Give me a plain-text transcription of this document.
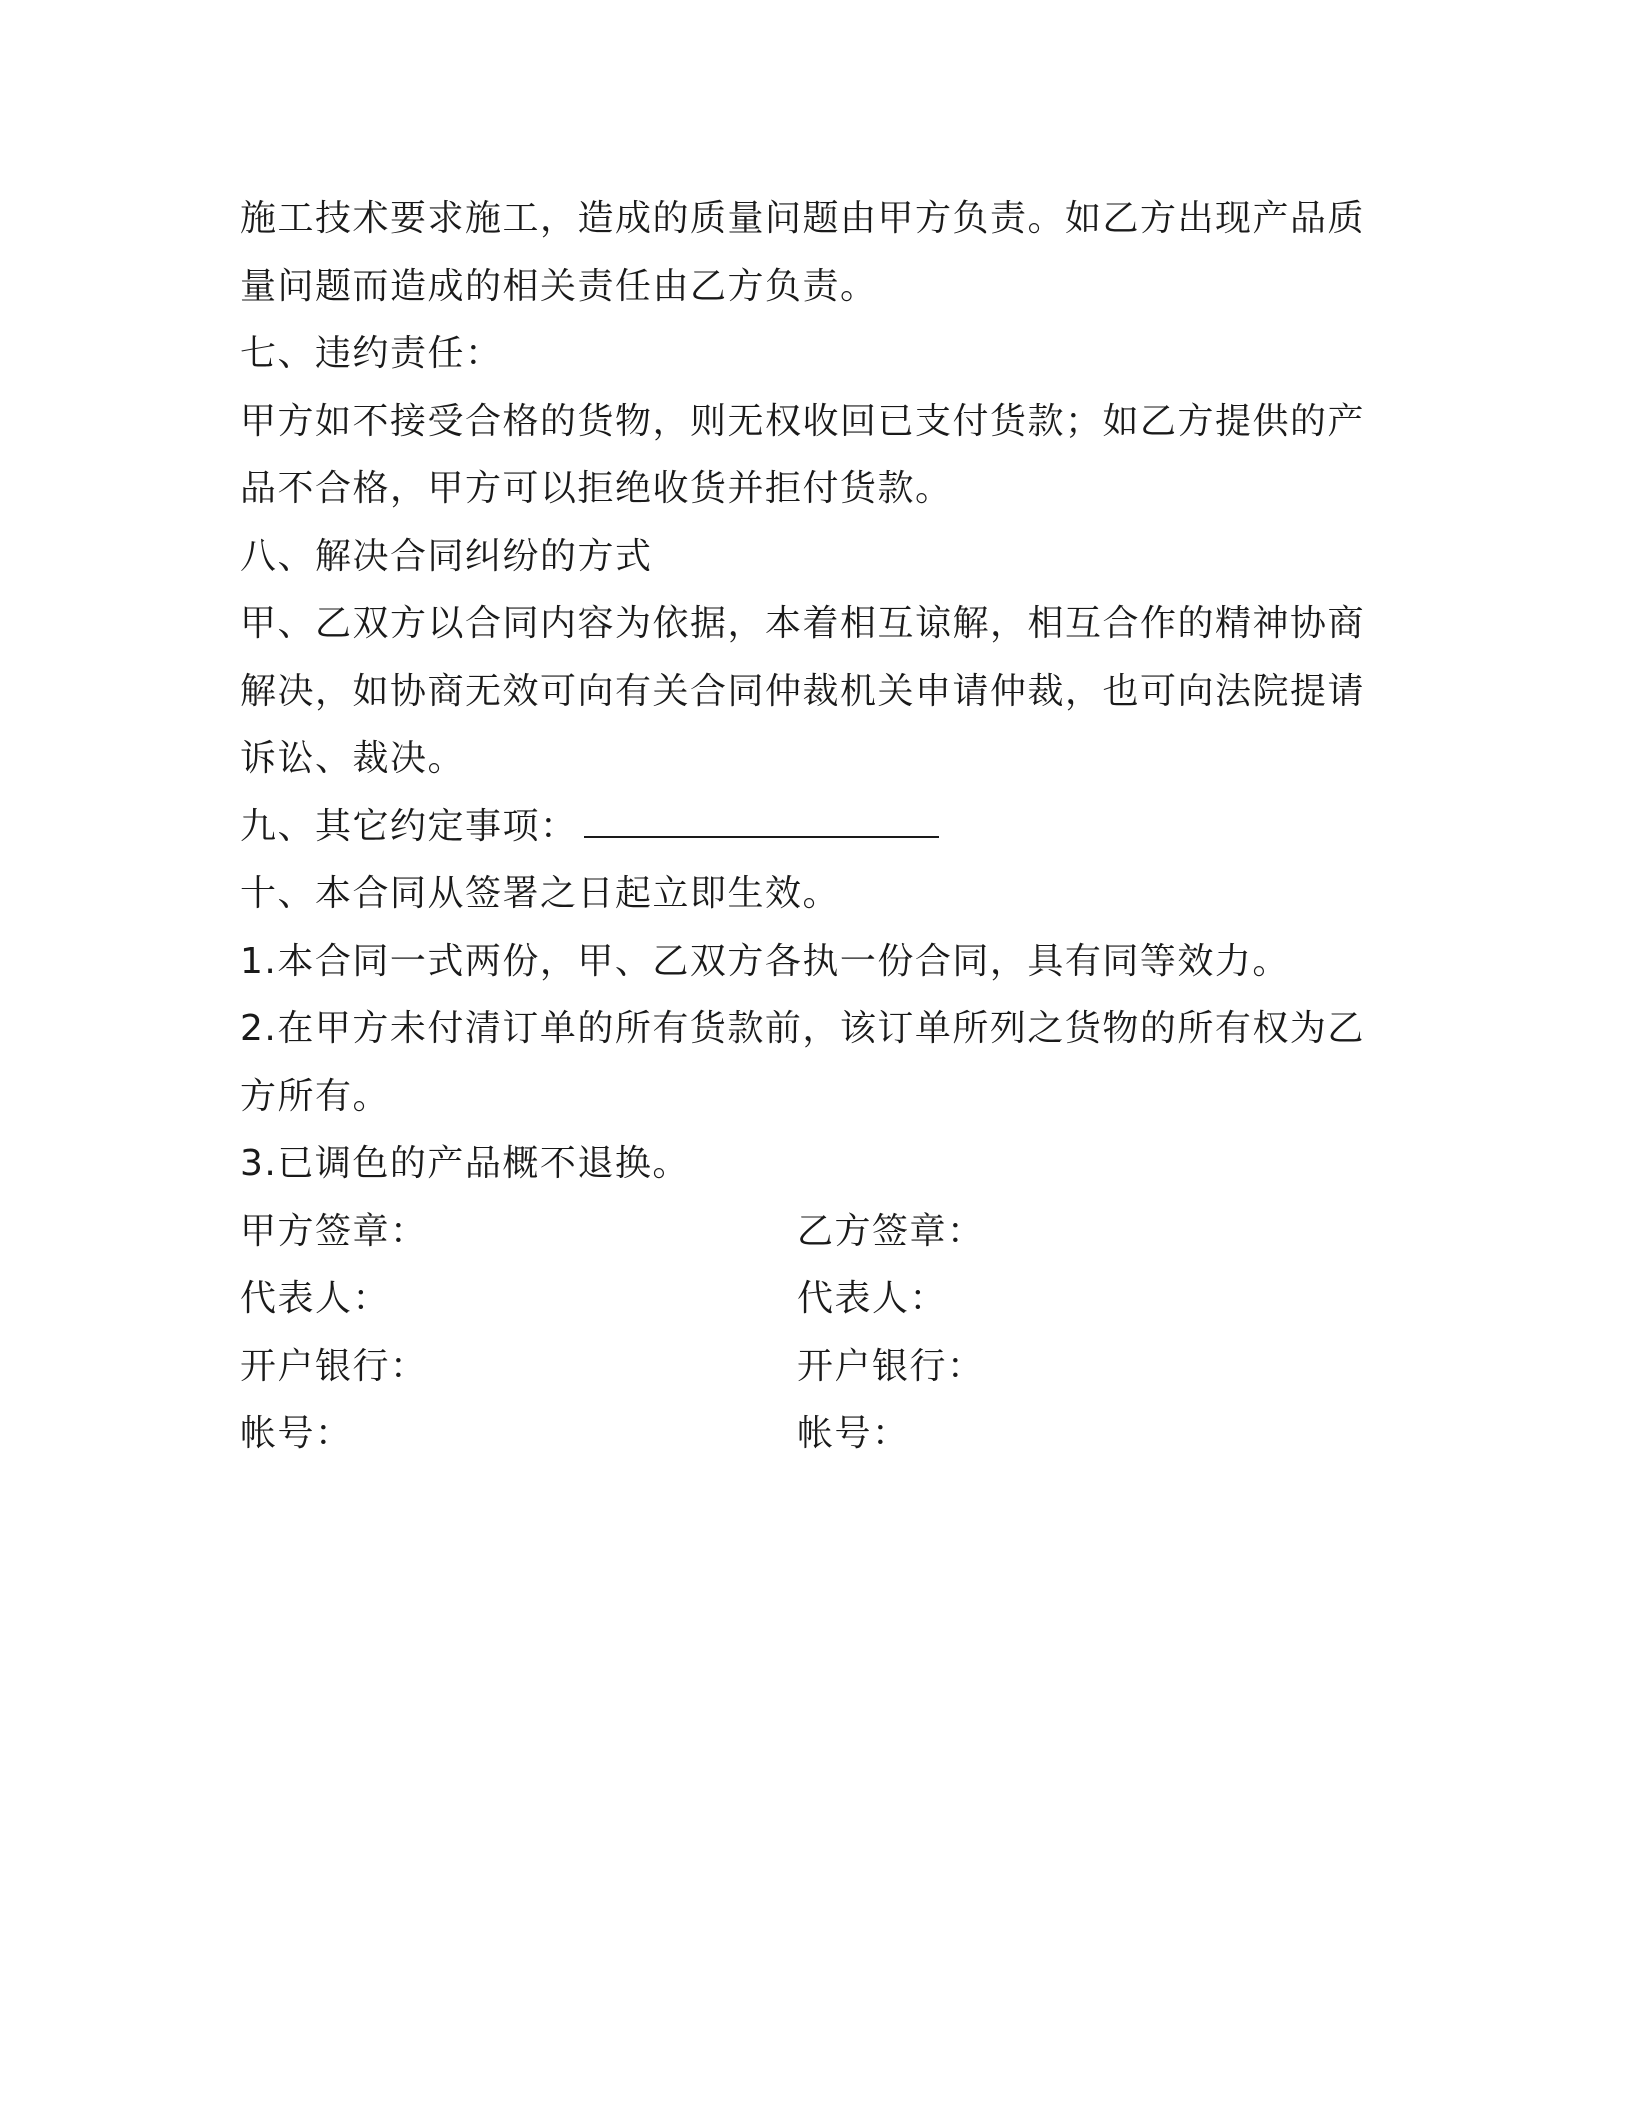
施工技术要求施工，造成的质量问题由甲方负责。如乙方出现产品质
量问题而造成的相关责任由乙方负责。
七、违约责任：
甲方如不接受合格的货物，则无权收回已支付货款；如乙方提供的产
品不合格，甲方可以拒绝收货并拒付货款。
八、解决合同纠纷的方式
甲、乙双方以合同内容为依据，本着相互谅解，相互合作的精神协商
解决，如协商无效可向有关合同仲裁机关申请仲裁，也可向法院提请
诉讼、裁决。
九、其它约定事项：
十、本合同从签署之日起立即生效。
1.本合同一式两份，甲、乙双方各执一份合同，具有同等效力。
2.在甲方未付清订单的所有货款前，该订单所列之货物的所有权为乙
方所有。
3.已调色的产品概不退换。
甲方签章：	乙方签章：
代表人：	代表人：
开户银行：	开户银行：
帐号：	帐号：
